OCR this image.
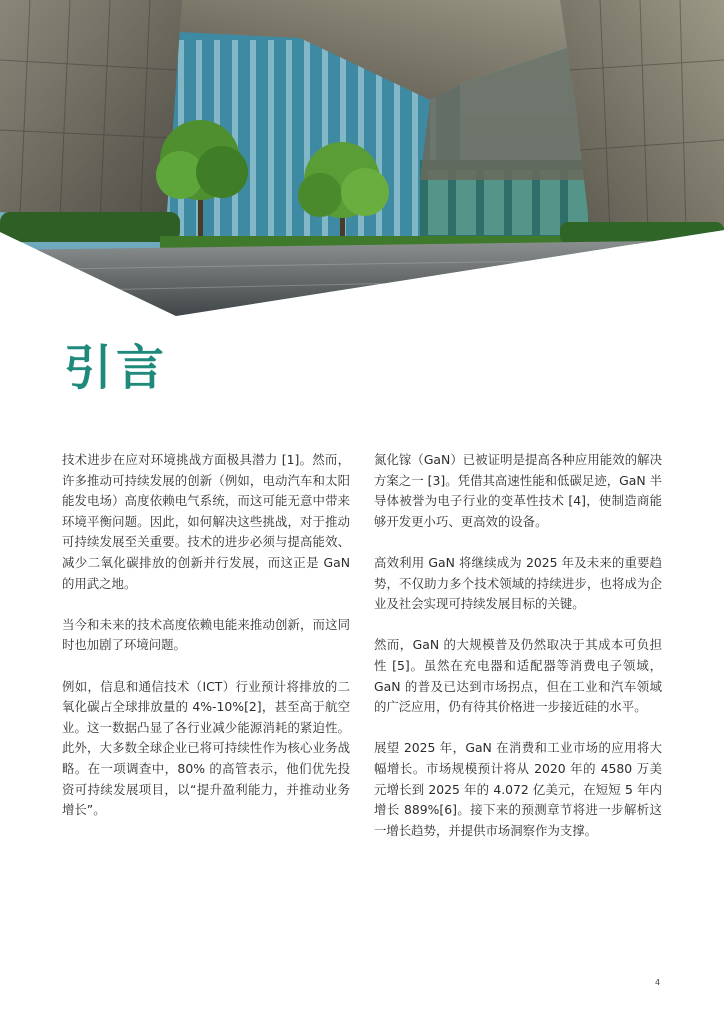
引言

技术进步在应对环境挑战方面极具潜力 [1]。然而，许多推动可持续发展的创新（例如，电动汽车和太阳能发电场）高度依赖电气系统，而这可能无意中带来环境平衡问题。因此，如何解决这些挑战，对于推动可持续发展至关重要。技术的进步必须与提高能效、减少二氧化碳排放的创新并行发展，而这正是 GaN 的用武之地。

当今和未来的技术高度依赖电能来推动创新，而这同时也加剧了环境问题。

例如，信息和通信技术（ICT）行业预计将排放的二氧化碳占全球排放量的 4%-10%[2]，甚至高于航空业。这一数据凸显了各行业减少能源消耗的紧迫性。此外，大多数全球企业已将可持续性作为核心业务战略。在一项调查中，80% 的高管表示，他们优先投资可持续发展项目，以“提升盈利能力，并推动业务增长”。

氮化镓（GaN）已被证明是提高各种应用能效的解决方案之一 [3]。凭借其高速性能和低碳足迹，GaN 半导体被誉为电子行业的变革性技术 [4]，使制造商能够开发更小巧、更高效的设备。

高效利用 GaN 将继续成为 2025 年及未来的重要趋势，不仅助力多个技术领域的持续进步，也将成为企业及社会实现可持续发展目标的关键。

然而，GaN 的大规模普及仍然取决于其成本可负担性 [5]。虽然在充电器和适配器等消费电子领域，GaN 的普及已达到市场拐点，但在工业和汽车领域的广泛应用，仍有待其价格进一步接近硅的水平。

展望 2025 年，GaN 在消费和工业市场的应用将大幅增长。市场规模预计将从 2020 年的 4580 万美元增长到 2025 年的 4.072 亿美元，在短短 5 年内增长 889%[6]。接下来的预测章节将进一步解析这一增长趋势，并提供市场洞察作为支撑。

4
